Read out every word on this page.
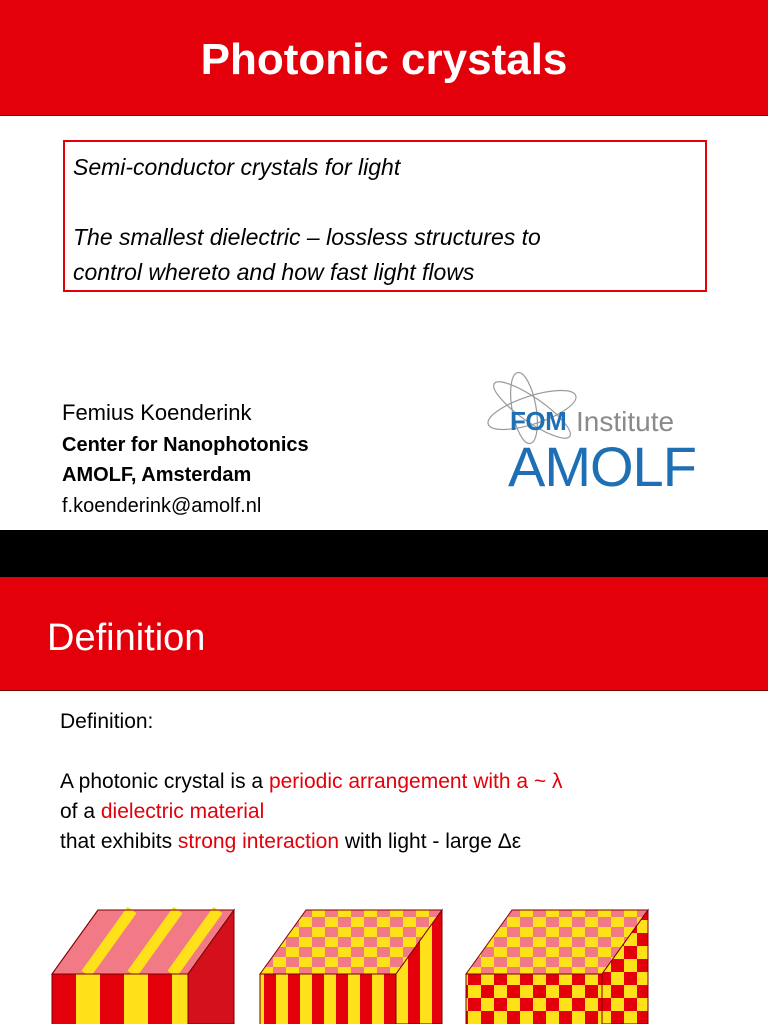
Photonic crystals

Semi-conductor crystals for light

The smallest dielectric – lossless structures to

control whereto and how fast light flows

Femius Koenderink
Center for Nanophotonics
AMOLF, Amsterdam
f.koenderink@amolf.nl
FOM Institute
AMOLF
Definition

Definition:

A photonic crystal is a periodic arrangement with a ~ λ

of a dielectric material

that exhibits strong interaction with light - large Δε
